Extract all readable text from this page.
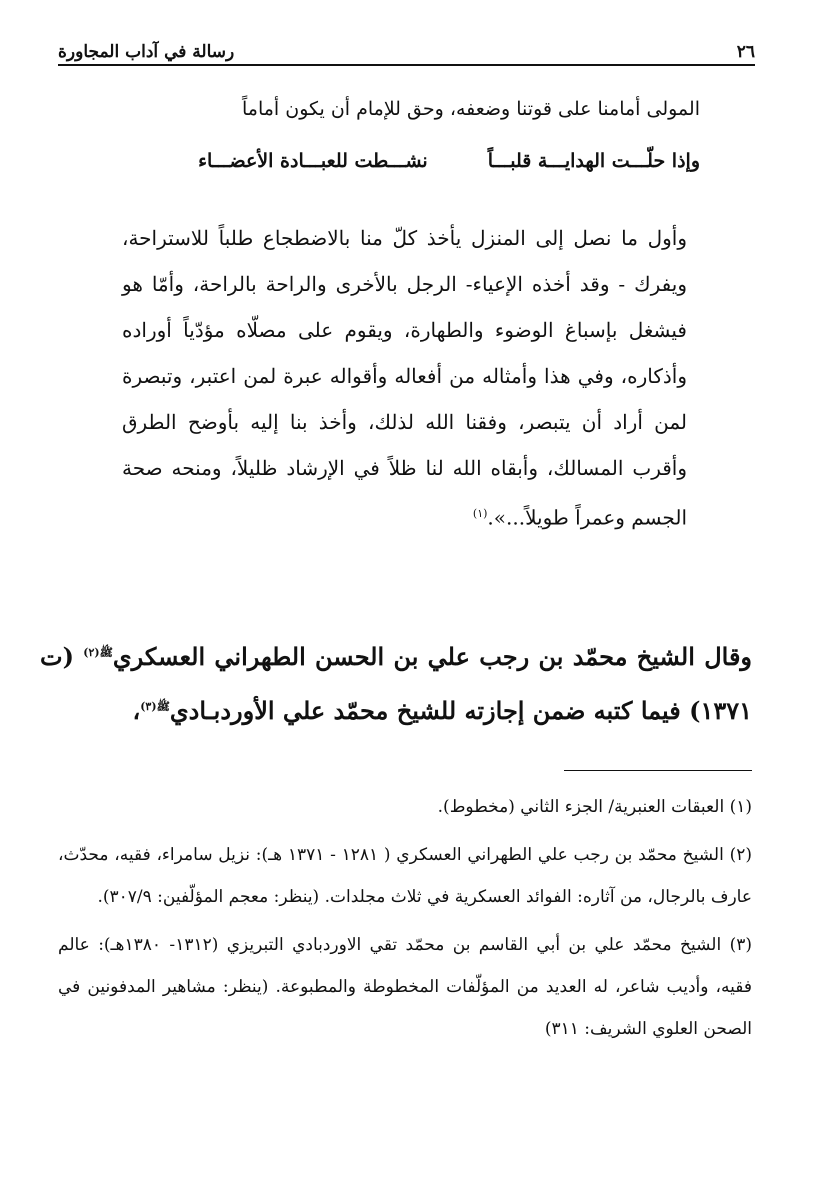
٢٦
رسالة في آداب المجاورة
المولى أمامنا على قوتنا وضعفه، وحق للإمام أن يكون أماماً
وإذا حلّـــت الهدايـــة قلبـــاً
نشـــطت للعبـــادة الأعضـــاء

وأول ما نصل إلى المنزل يأخذ كلّ منا بالاضطجاع طلباً للاستراحة، ويفرك - وقد أخذه الإعياء- الرجل بالأخرى والراحة بالراحة، وأمّا هو فيشغل بإسباغ الوضوء والطهارة، ويقوم على مصلّاه مؤدّياً أوراده وأذكاره، وفي هذا وأمثاله من أفعاله وأقواله عبرة لمن اعتبر، وتبصرة لمن أراد أن يتبصر، وفقنا الله لذلك، وأخذ بنا إليه بأوضح الطرق وأقرب المسالك، وأبقاه الله لنا ظلاً في الإرشاد ظليلاً، ومنحه صحة الجسم وعمراً طويلاً...».$^{(١)}$

وقال الشيخ محمّد بن رجب علي بن الحسن الطهراني العسكري$^{ﷺ(٢)}$ (ت ١٣٧١) فيما كتبه ضمن إجازته للشيخ محمّد علي الأوردبـادي$^{ﷺ(٣)}$،

(١) العبقات العنبرية/ الجزء الثاني (مخطوط).

(٢) الشيخ محمّد بن رجب علي الطهراني العسكري ( ١٢٨١ - ١٣٧١ هـ): نزيل سامراء، فقيه، محدّث، عارف بالرجال، من آثاره: الفوائد العسكرية في ثلاث مجلدات. (ينظر: معجم المؤلّفين: ٣٠٧/٩).

(٣) الشيخ محمّد علي بن أبي القاسم بن محمّد تقي الاوردبادي التبريزي (١٣١٢- ١٣٨٠هـ): عالم فقيه، وأديب شاعر، له العديد من المؤلّفات المخطوطة والمطبوعة. (ينظر: مشاهير المدفونين في الصحن العلوي الشريف: ٣١١)
